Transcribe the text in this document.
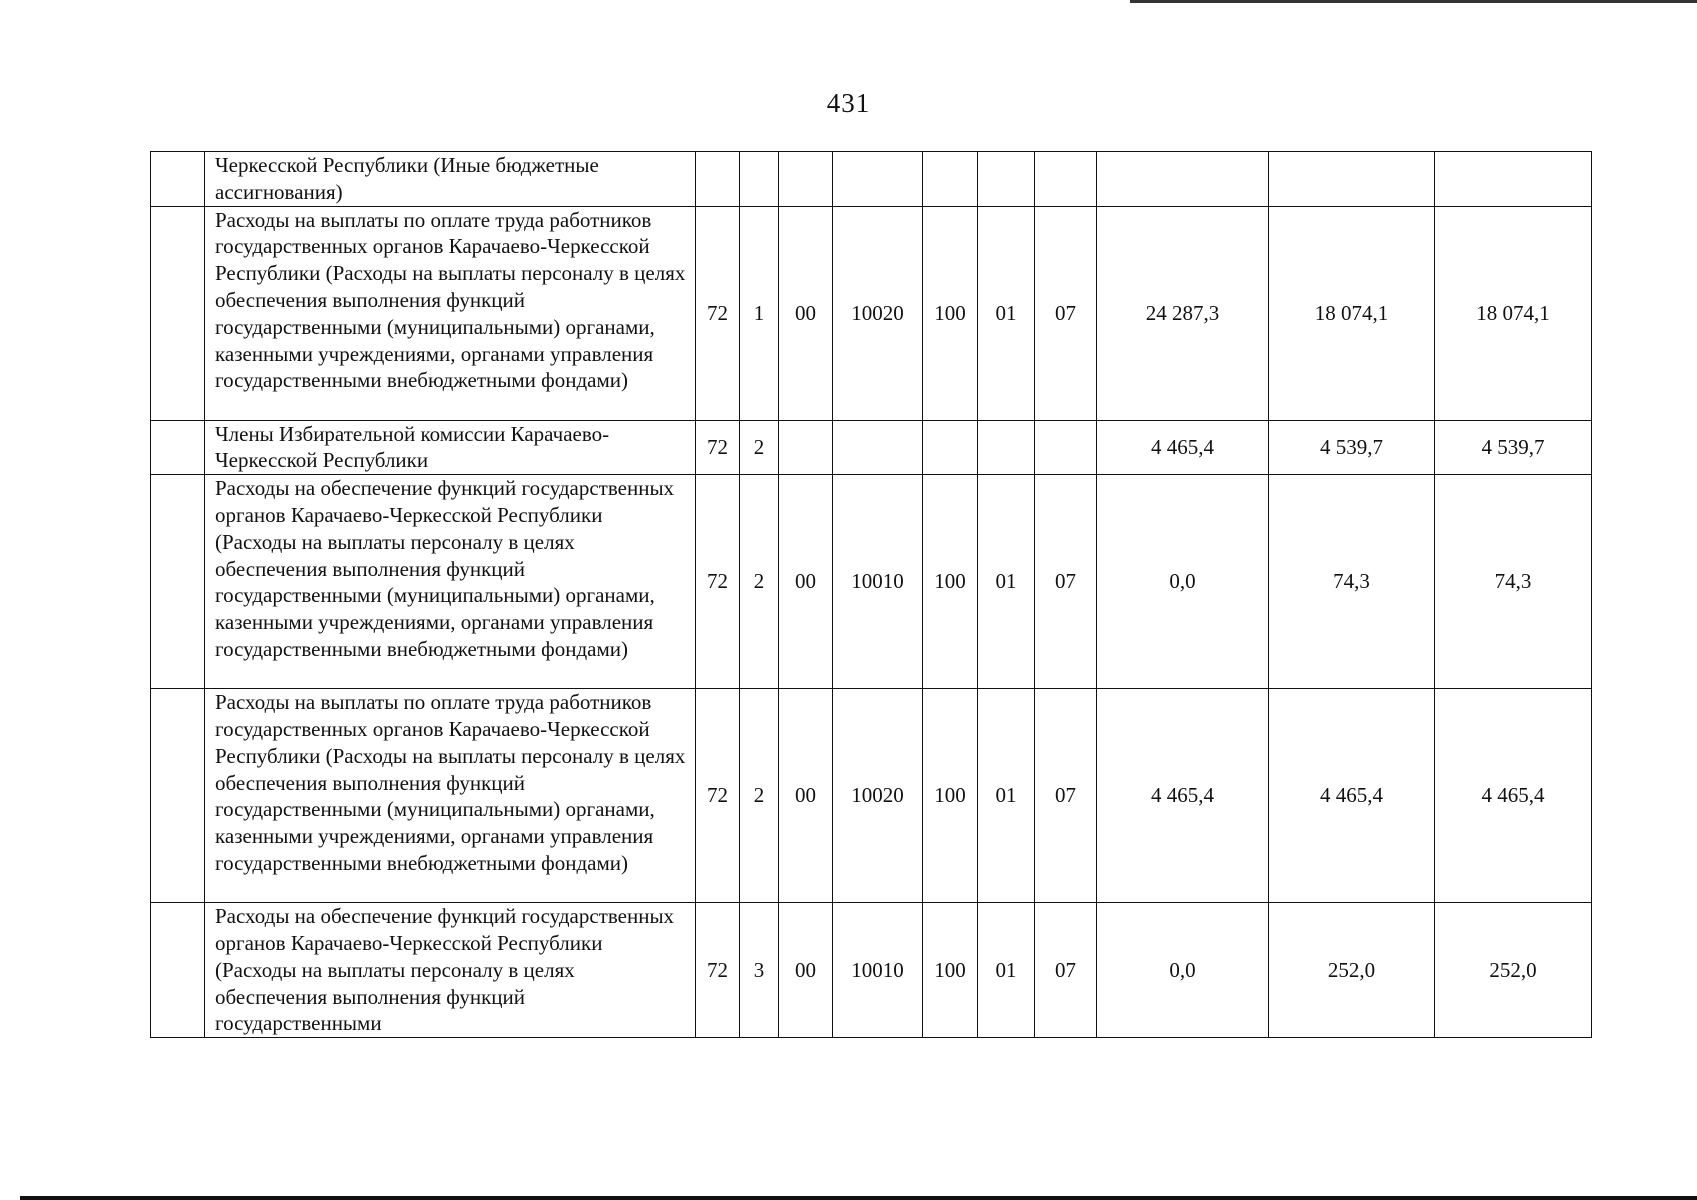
431
	Черкесской Республики (Иные бюджетные ассигнования)										
	Расходы на выплаты по оплате труда работников государственных органов Карачаево-Черкесской Республики (Расходы на выплаты персоналу в целях обеспечения выполнения функций государственными (муниципальными) органами, казенными учреждениями, органами управления государственными внебюджетными фондами)	72	1	00	10020	100	01	07	24 287,3	18 074,1	18 074,1
	Члены Избирательной комиссии Карачаево-Черкесской Республики	72	2						4 465,4	4 539,7	4 539,7
	Расходы на обеспечение функций государственных органов Карачаево-Черкесской Республики (Расходы на выплаты персоналу в целях обеспечения выполнения функций государственными (муниципальными) органами, казенными учреждениями, органами управления государственными внебюджетными фондами)	72	2	00	10010	100	01	07	0,0	74,3	74,3
	Расходы на выплаты по оплате труда работников государственных органов Карачаево-Черкесской Республики (Расходы на выплаты персоналу в целях обеспечения выполнения функций государственными (муниципальными) органами, казенными учреждениями, органами управления государственными внебюджетными фондами)	72	2	00	10020	100	01	07	4 465,4	4 465,4	4 465,4
	Расходы на обеспечение функций государственных органов Карачаево-Черкесской Республики (Расходы на выплаты персоналу в целях обеспечения выполнения функций государственными	72	3	00	10010	100	01	07	0,0	252,0	252,0
